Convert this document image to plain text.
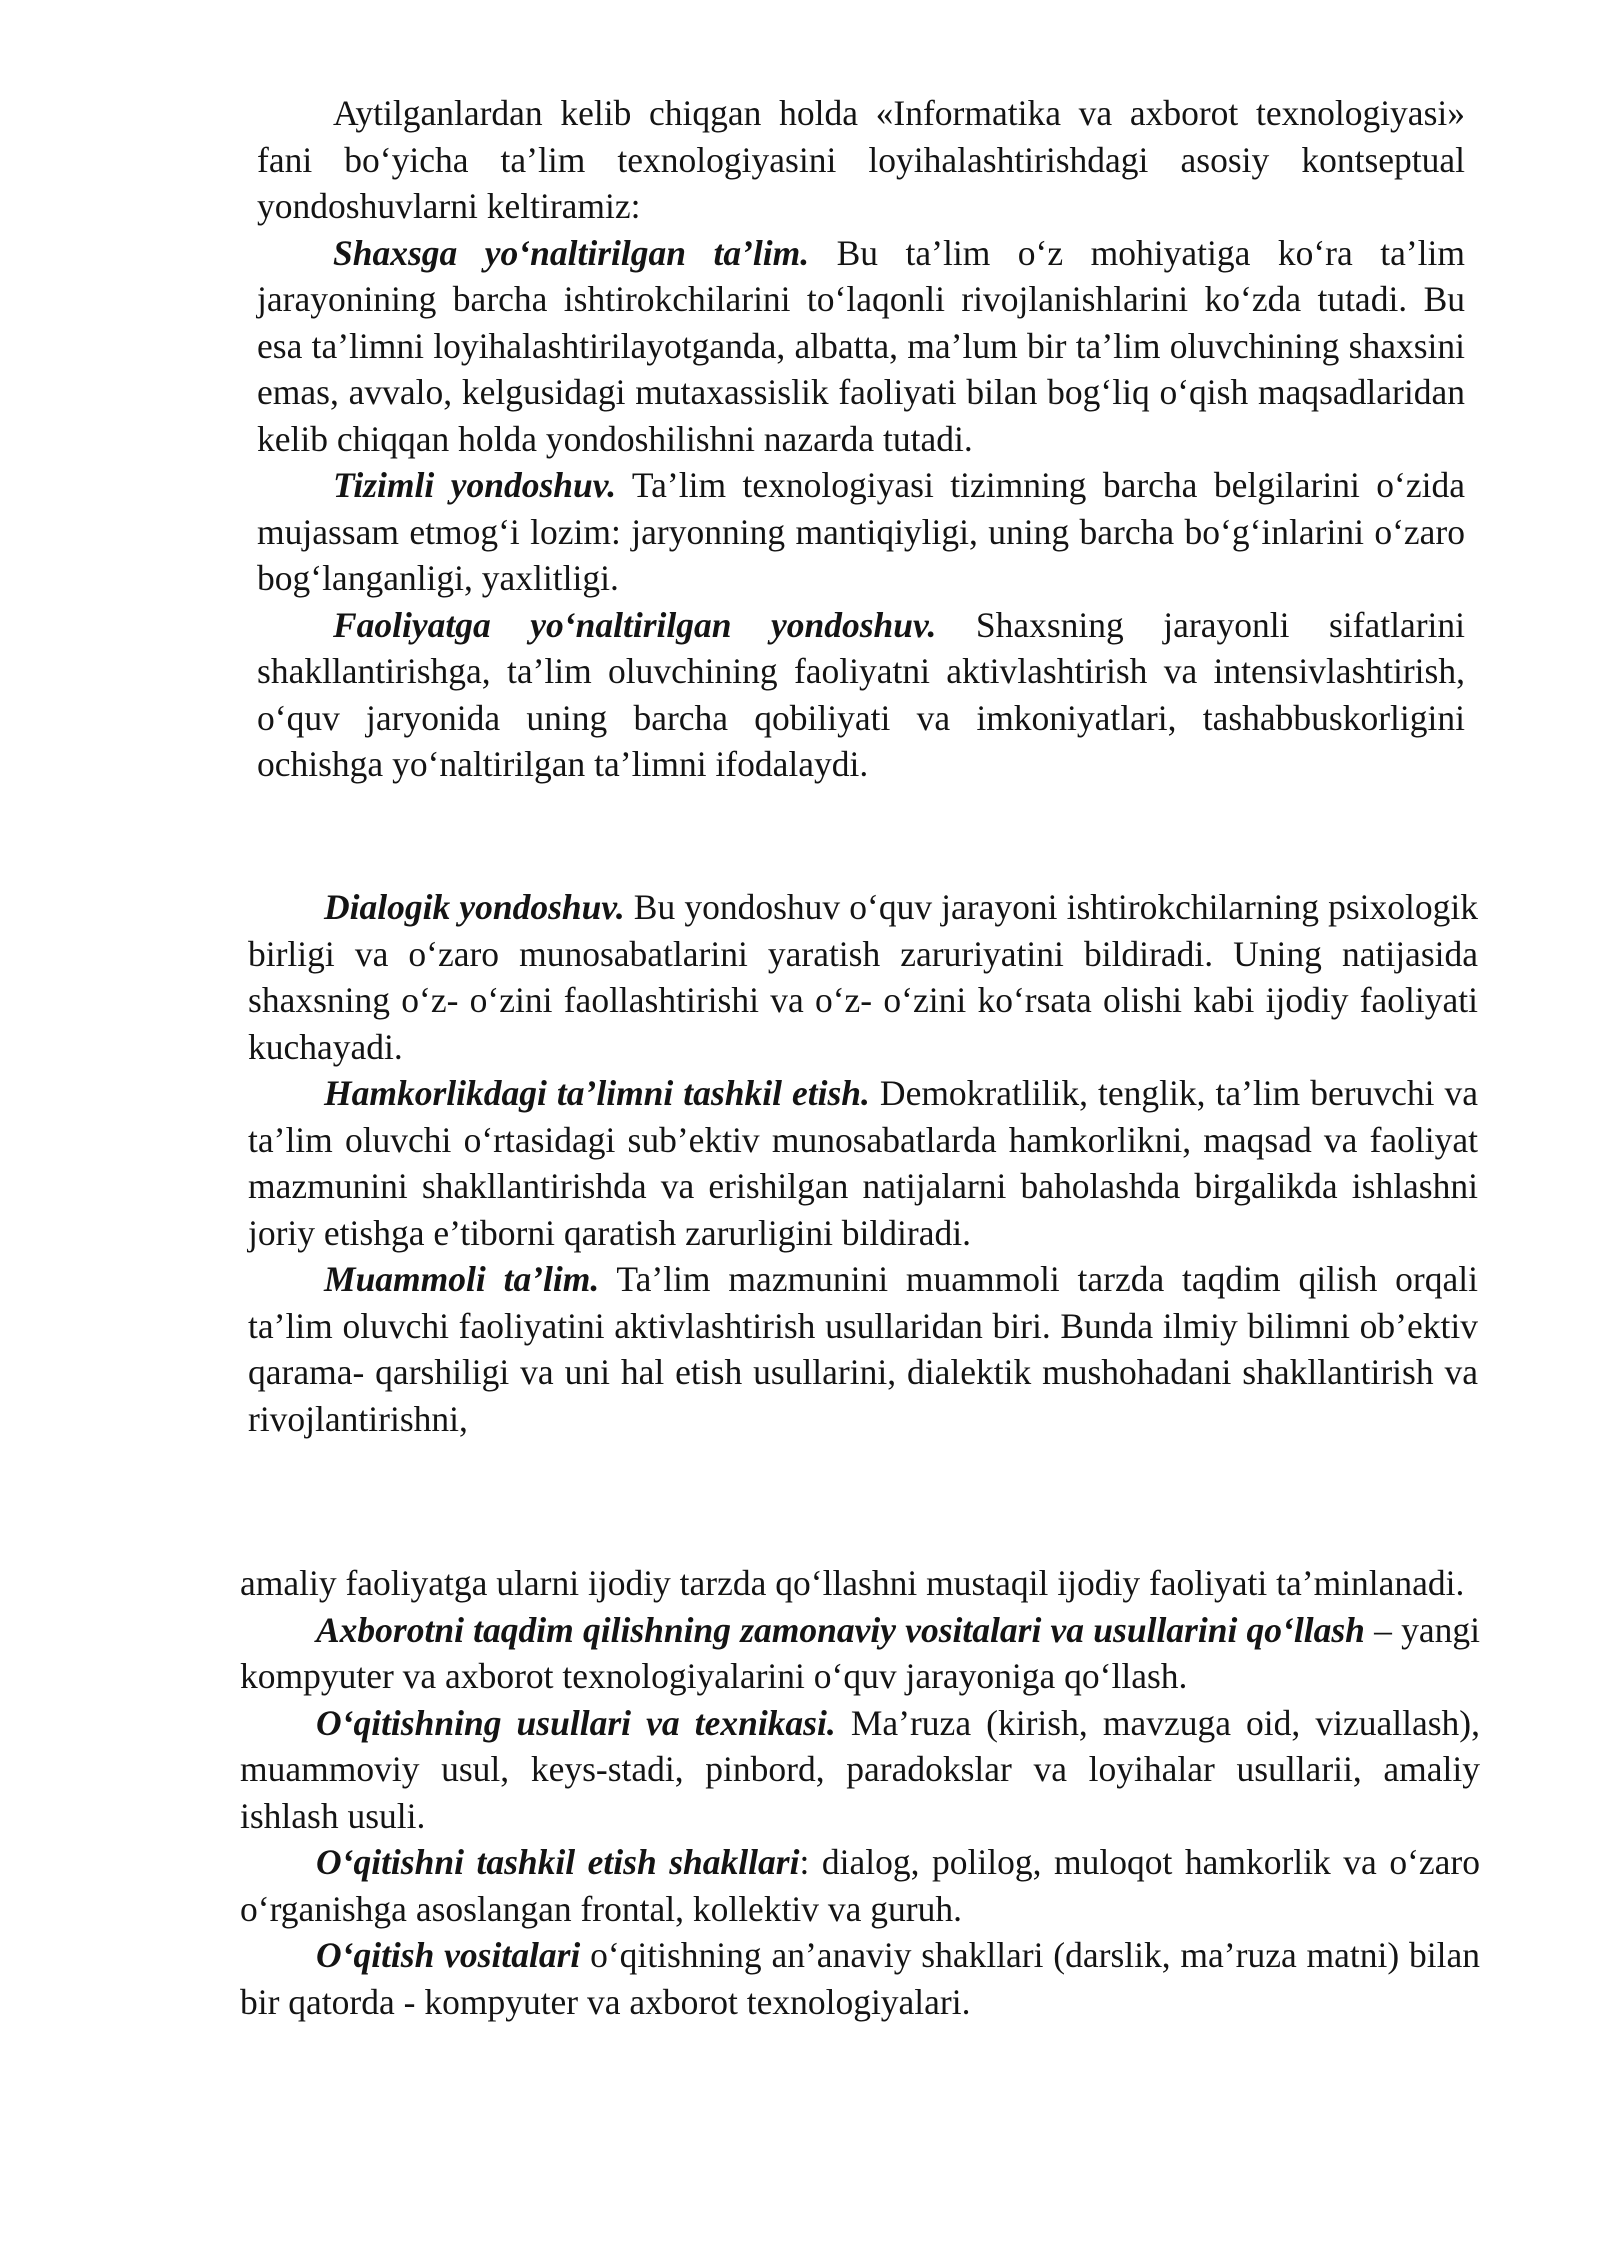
Aytilganlardan kelib chiqgan holda «Informatika va axborot texnologiyasi» fani bo‘yicha ta’lim texnologiyasini loyihalashtirishdagi asosiy kontseptual yondoshuvlarni keltiramiz:

Shaxsga yo‘naltirilgan ta’lim. Bu ta’lim o‘z mohiyatiga ko‘ra ta’lim jarayonining barcha ishtirokchilarini to‘laqonli rivojlanishlarini ko‘zda tutadi. Bu esa ta’limni loyihalashtirilayotganda, albatta, ma’lum bir ta’lim oluvchining shaxsini emas, avvalo, kelgusidagi mutaxassislik faoliyati bilan bog‘liq o‘qish maqsadlaridan kelib chiqqan holda yondoshilishni nazarda tutadi.

Tizimli yondoshuv. Ta’lim texnologiyasi tizimning barcha belgilarini o‘zida mujassam etmog‘i lozim: jaryonning mantiqiyligi, uning barcha bo‘g‘inlarini o‘zaro bog‘langanligi, yaxlitligi.

Faoliyatga yo‘naltirilgan yondoshuv. Shaxsning jarayonli sifatlarini shakllantirishga, ta’lim oluvchining faoliyatni aktivlashtirish va intensivlashtirish, o‘quv jaryonida uning barcha qobiliyati va imkoniyatlari, tashabbuskorligini ochishga yo‘naltirilgan ta’limni ifodalaydi.

Dialogik yondoshuv. Bu yondoshuv o‘quv jarayoni ishtirokchilarning psixologik birligi va o‘zaro munosabatlarini yaratish zaruriyatini bildiradi. Uning natijasida shaxsning o‘z- o‘zini faollashtirishi va o‘z- o‘zini ko‘rsata olishi kabi ijodiy faoliyati kuchayadi.

Hamkorlikdagi ta’limni tashkil etish. Demokratlilik, tenglik, ta’lim beruvchi va ta’lim oluvchi o‘rtasidagi sub’ektiv munosabatlarda hamkorlikni, maqsad va faoliyat mazmunini shakllantirishda va erishilgan natijalarni baholashda birgalikda ishlashni joriy etishga e’tiborni qaratish zarurligini bildiradi.

Muammoli ta’lim. Ta’lim mazmunini muammoli tarzda taqdim qilish orqali ta’lim oluvchi faoliyatini aktivlashtirish usullaridan biri. Bunda ilmiy bilimni ob’ektiv qarama- qarshiligi va uni hal etish usullarini, dialektik mushohadani shakllantirish va rivojlantirishni,

amaliy faoliyatga ularni ijodiy tarzda qo‘llashni mustaqil ijodiy faoliyati ta’minlanadi.

Axborotni taqdim qilishning zamonaviy vositalari va usullarini qo‘llash – yangi kompyuter va axborot texnologiyalarini o‘quv jarayoniga qo‘llash.

O‘qitishning usullari va texnikasi. Ma’ruza (kirish, mavzuga oid, vizuallash), muammoviy usul, keys-stadi, pinbord, paradokslar va loyihalar usullarii, amaliy ishlash usuli.

O‘qitishni tashkil etish shakllari: dialog, polilog, muloqot hamkorlik va o‘zaro o‘rganishga asoslangan frontal, kollektiv va guruh.

O‘qitish vositalari o‘qitishning an’anaviy shakllari (darslik, ma’ruza matni) bilan bir qatorda - kompyuter va axborot texnologiyalari.
